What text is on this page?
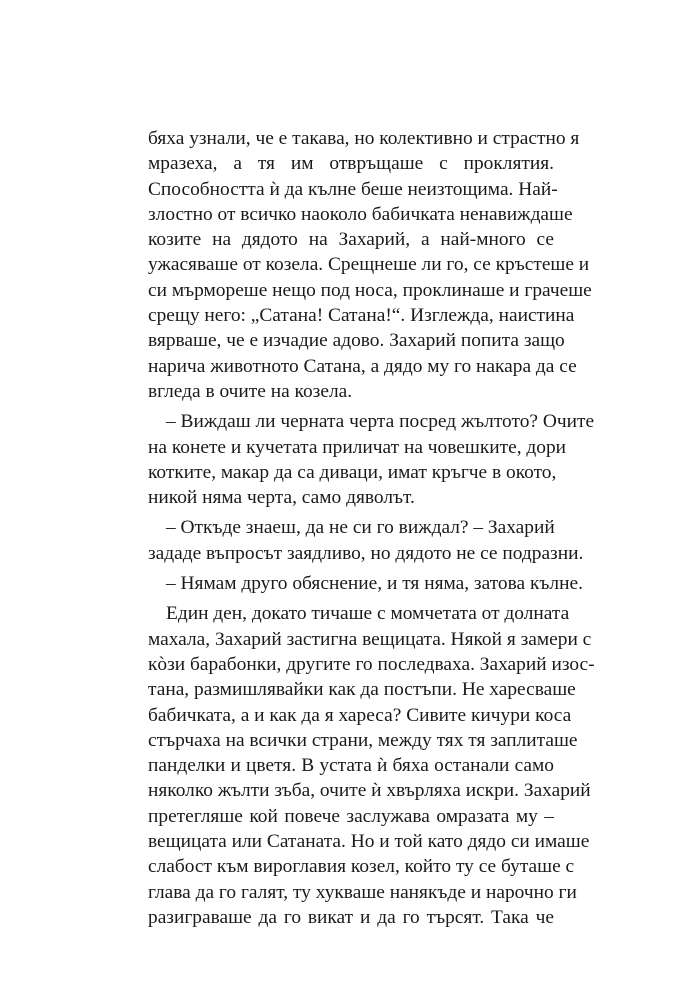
бяха узнали, че е такава, но колективно и страстно я

мразеха, а тя им отвръщаше с проклятия.

Способността ѝ да кълне беше неизтощима. Най-

злостно от всичко наоколо бабичката ненавиждаше

козите на дядото на Захарий, а най-много се

ужасяваше от козела. Срещнеше ли го, се кръстеше и

си мърмореше нещо под носа, проклинаше и грачеше

срещу него: „Сатана! Сатана!“. Изглежда, наистина

вярваше, че е изчадие адово. Захарий попита защо

нарича животното Сатана, а дядо му го накара да се

вгледа в очите на козела.

– Виждаш ли черната черта посред жълтото? Очите

на конете и кучетата приличат на човешките, дори

котките, макар да са диваци, имат кръгче в окото,

никой няма черта, само дяволът.

– Откъде знаеш, да не си го виждал? – Захарий

зададе въпросът заядливо, но дядото не се подразни.

– Нямам друго обяснение, и тя няма, затова кълне.

Един ден, докато тичаше с момчетата от долната

махала, Захарий застигна вещицата. Някой я замери с

кòзи барабонки, другите го последваха. Захарий изос-

тана, размишлявайки как да постъпи. Не харесваше

бабичката, а и как да я хареса? Сивите кичури коса

стърчаха на всички страни, между тях тя заплиташе

панделки и цветя. В устата ѝ бяха останали само

няколко жълти зъба, очите ѝ хвърляха искри. Захарий

претегляше кой повече заслужава омразата му –

вещицата или Сатаната. Но и той като дядо си имаше

слабост към вироглавия козел, който ту се буташе с

глава да го галят, ту хукваше нанякъде и нарочно ги

разиграваше да го викат и да го търсят. Така че
